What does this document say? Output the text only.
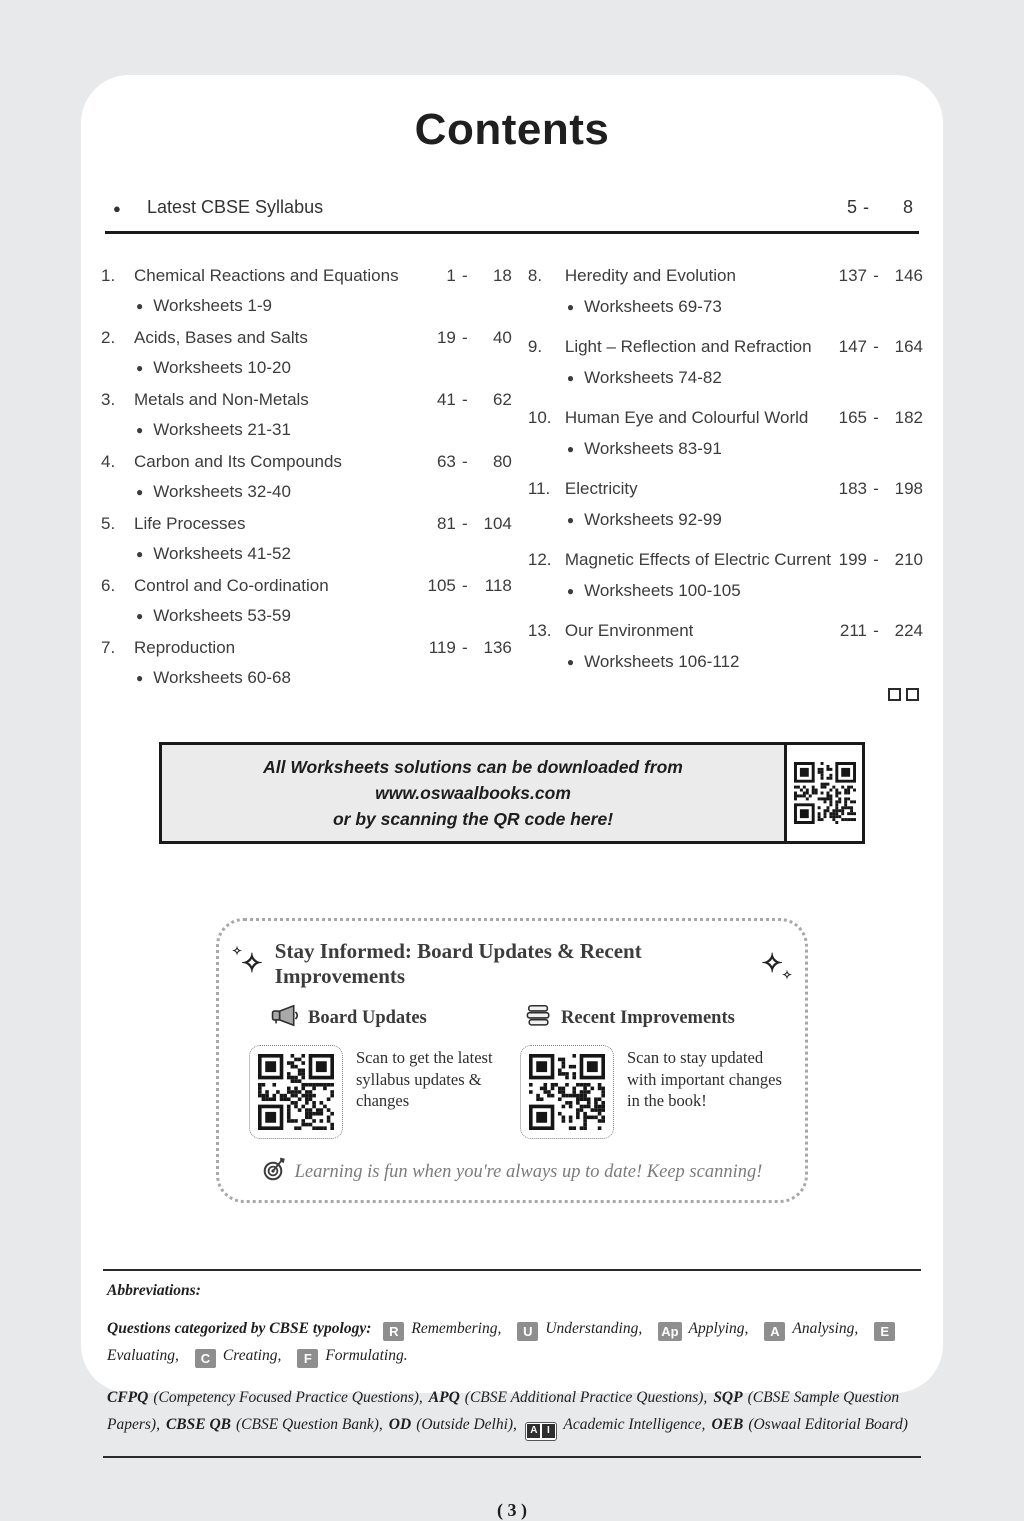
Contents
●
Latest CBSE Syllabus	5 -	8
1.	Chemical Reactions and Equations	1 -	18
● Worksheets 1-9
2.	Acids, Bases and Salts	19 -	40
● Worksheets 10-20
3.	Metals and Non-Metals	41 -	62
● Worksheets 21-31
4.	Carbon and Its Compounds	63 -	80
● Worksheets 32-40
5.	Life Processes	81 - 104
● Worksheets 41-52
6.	Control and Co-ordination	105 -	118
● Worksheets 53-59
7.	Reproduction	119 - 136
● Worksheets 60-68
8.	Heredity and Evolution	137 - 146
● Worksheets 69-73
9.	Light – Reflection and Refraction	147 - 164
● Worksheets 74-82
10. Human Eye and Colourful World	165 - 182
● Worksheets 83-91
11. Electricity	183 - 198
● Worksheets 92-99
12. Magnetic Effects of Electric Current 199 - 210
● Worksheets 100-105
13. Our Environment	211 - 224
● Worksheets 106-112
All Worksheets solutions can be downloaded from www.oswaalbooks.com
or by scanning the QR code here!
✧
✧ Stay Informed: Board Updates & Recent Improvements	✧
✧
Board Updates
Scan to get the latest syllabus updates & changes
Recent Improvements
Scan to stay updated with important changes in the book!
Learning is fun when you're always up to date! Keep scanning!
Abbreviations:
Questions categorized by CBSE typology: R Remembering, U Understanding, Ap Applying, A Analysing, EEvaluating, C Creating, F Formulating.
CFPQ (Competency Focused Practice Questions), APQ (CBSE Additional Practice Questions), SQP (CBSE Sample Question Papers), CBSE QB (CBSE Question Bank), OD (Outside Delhi), A I Academic Intelligence, OEB (Oswaal Editorial Board)
( 3 )
